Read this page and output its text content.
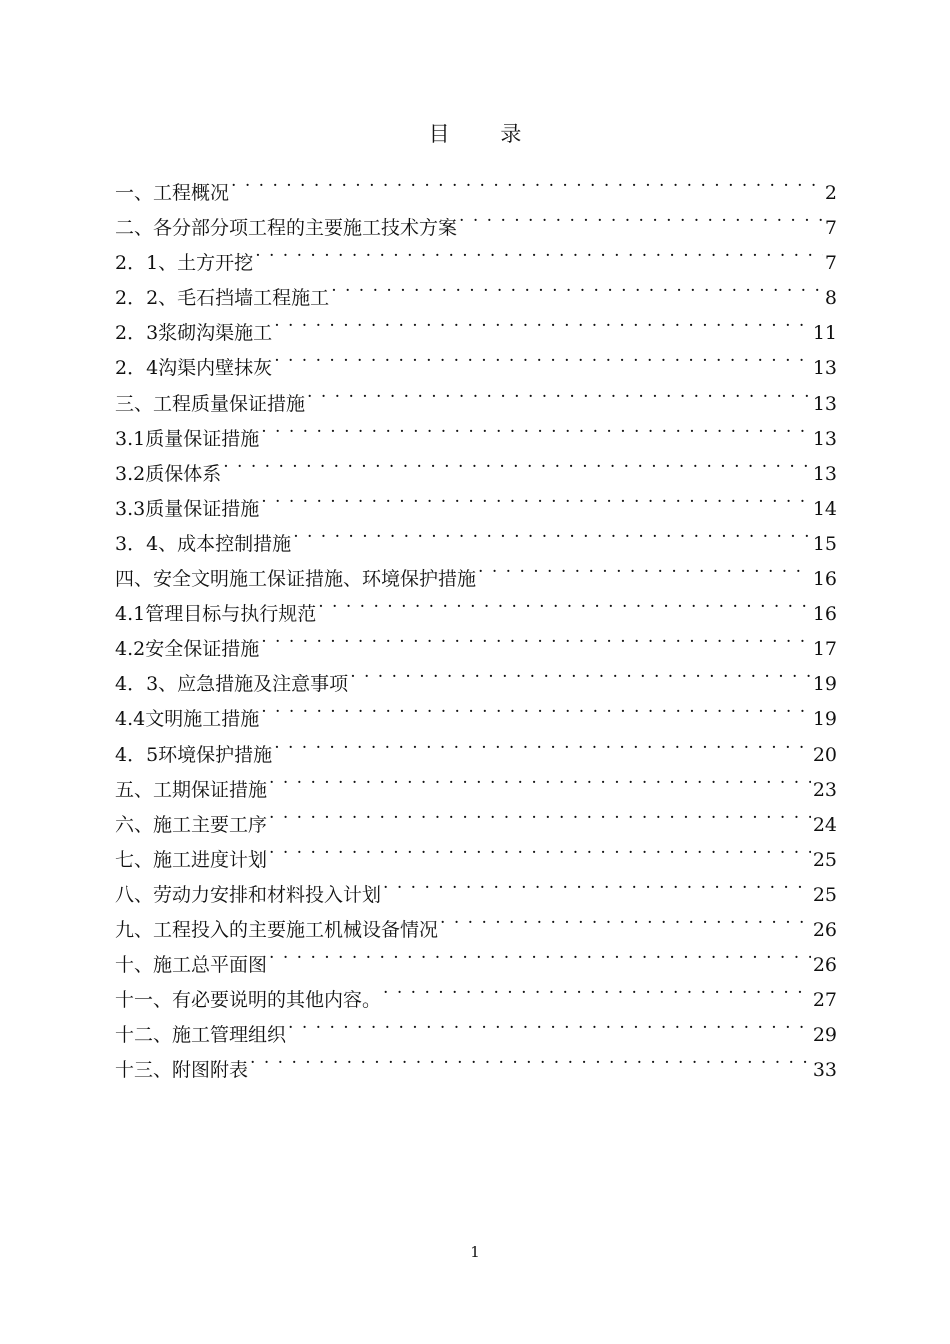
目 录
一、工程概况 . . .	2
二、各分部分项工程的主要施工技术方案 . . .	7
2．1、土方开挖 . . .	7
2．2、毛石挡墙工程施工 . . .	8
2．3浆砌沟渠施工 . . .	11
2．4沟渠内壁抹灰 . . .	13
三、工程质量保证措施 . . .	13
3.1质量保证措施 . . .	13
3.2质保体系 . . .	13
3.3质量保证措施 . . .	14
3．4、成本控制措施 . . .	15
四、安全文明施工保证措施、环境保护措施 . . .	16
4.1管理目标与执行规范 . . .	16
4.2安全保证措施 . . .	17
4．3、应急措施及注意事项 . . .	19
4.4文明施工措施 . . .	19
4．5环境保护措施 . . .	20
五、工期保证措施 . . .	23
六、施工主要工序 . . .	24
七、施工进度计划 . . .	25
八、劳动力安排和材料投入计划 . . .	25
九、工程投入的主要施工机械设备情况 . . .	26
十、施工总平面图 . . .	26
十一、有必要说明的其他内容。 . . .	27
十二、施工管理组织 . . .	29
十三、附图附表 . . .	33
1
